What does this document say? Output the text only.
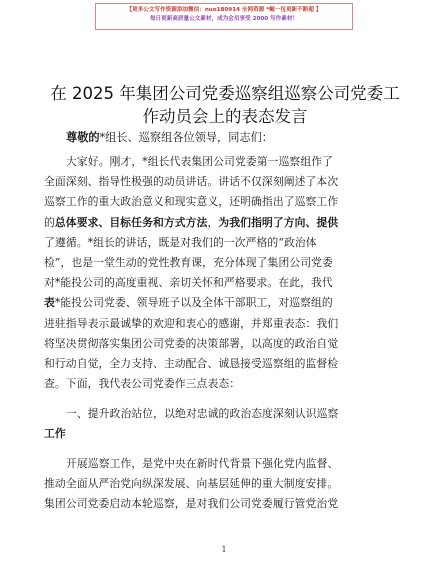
【更多公文写作资源添加微信：nuo180914 全网资源 *崛一包更新不断超 】
每日更新高质量公文素材，成为会员享受 2000 写作素材！
在 2025 年集团公司党委巡察组巡察公司党委工
作动员会上的表态发言
尊敬的*组长、巡察组各位领导，同志们：
大家好。刚才，*组长代表集团公司党委第一巡察组作了
全面深刻、指导性极强的动员讲话。讲话不仅深刻阐述了本次
巡察工作的重大政治意义和现实意义，还明确指出了巡察工作
的总体要求、目标任务和方式方法，为我们指明了方向、提供
了遵循。*组长的讲话，既是对我们的一次严格的“政治体
检”，也是一堂生动的党性教育课，充分体现了集团公司党委
对*能投公司的高度重视、亲切关怀和严格要求。在此，我代
表*能投公司党委、领导班子以及全体干部职工，对巡察组的
进驻指导表示最诚挚的欢迎和衷心的感谢，并郑重表态：我们
将坚决贯彻落实集团公司党委的决策部署，以高度的政治自觉
和行动自觉，全力支持、主动配合、诚恳接受巡察组的监督检
查。下面，我代表公司党委作三点表态：
一、提升政治站位，以绝对忠诚的政治态度深刻认识巡察
工作
开展巡察工作，是党中央在新时代背景下强化党内监督、
推动全面从严治党向纵深发展、向基层延伸的重大制度安排。
集团公司党委启动本轮巡察，是对我们公司党委履行管党治党
1
